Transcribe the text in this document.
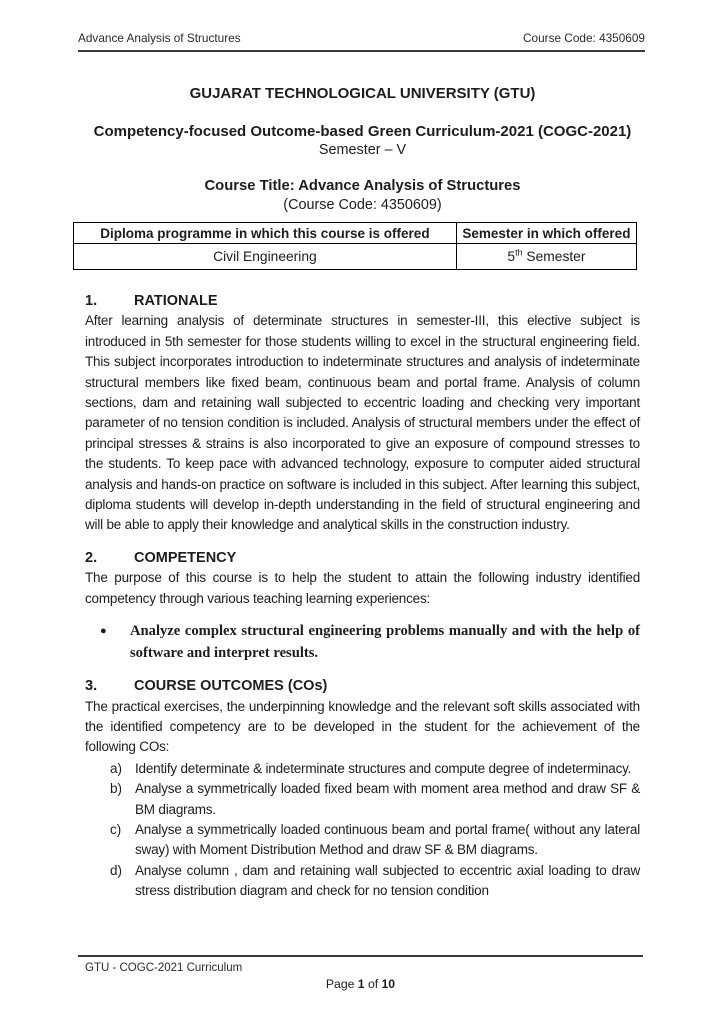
Advance Analysis of Structures	Course Code: 4350609
GUJARAT TECHNOLOGICAL UNIVERSITY (GTU)
Competency-focused Outcome-based Green Curriculum-2021 (COGC-2021)
Semester – V
Course Title: Advance Analysis of Structures
(Course Code: 4350609)
Diploma programme in which this course is offered	Semester in which offered
Civil Engineering	5th Semester
1.	RATIONALE

After learning analysis of determinate structures in semester-III, this elective subject is introduced in 5th semester for those students willing to excel in the structural engineering field. This subject incorporates introduction to indeterminate structures and analysis of indeterminate structural members like fixed beam, continuous beam and portal frame. Analysis of column sections, dam and retaining wall subjected to eccentric loading and checking very important parameter of no tension condition is included. Analysis of structural members under the effect of principal stresses & strains is also incorporated to give an exposure of compound stresses to the students. To keep pace with advanced technology, exposure to computer aided structural analysis and hands-on practice on software is included in this subject. After learning this subject, diploma students will develop in-depth understanding in the field of structural engineering and will be able to apply their knowledge and analytical skills in the construction industry.

2.	COMPETENCY

The purpose of this course is to help the student to attain the following industry identified competency through various teaching learning experiences:

●	Analyze complex structural engineering problems manually and with the help of software and interpret results.
3.	COURSE OUTCOMES (COs)

The practical exercises, the underpinning knowledge and the relevant soft skills associated with the identified competency are to be developed in the student for the achievement of the following COs:

a) Identify determinate & indeterminate structures and compute degree of indeterminacy.
b) Analyse a symmetrically loaded fixed beam with moment area method and draw SF & BM diagrams.
c)	Analyse a symmetrically loaded continuous beam and portal frame( without any lateral sway) with Moment Distribution Method and draw SF & BM diagrams.
d) Analyse column , dam and retaining wall subjected to eccentric axial loading to draw stress distribution diagram and check for no tension condition
GTU - COGC-2021 Curriculum
Page 1 of 10
